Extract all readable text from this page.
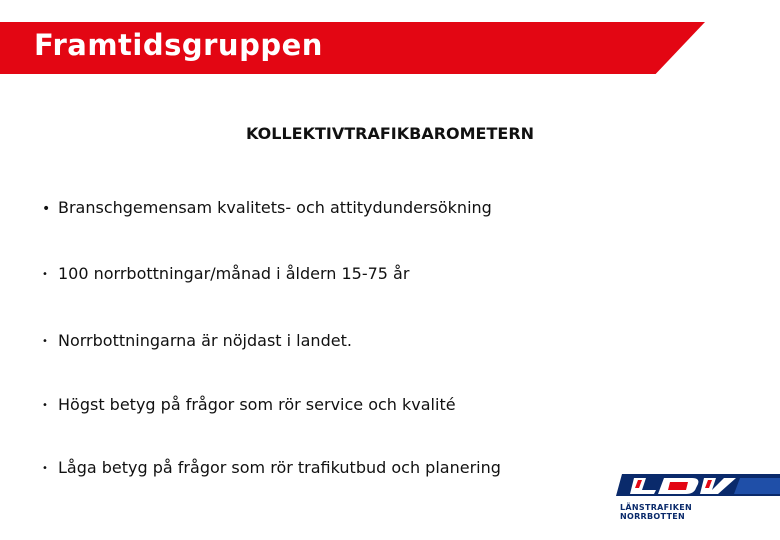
Framtidsgruppen
KOLLEKTIVTRAFIKBAROMETERN
• Branschgemensam kvalitets- och attitydundersökning
• 100 norrbottningar/månad i åldern 15-75 år
• Norrbottningarna är nöjdast i landet.
• Högst betyg på frågor som rör service och kvalité
• Låga betyg på frågor som rör trafikutbud och planering
LÄNSTRAFIKEN
NORRBOTTEN
